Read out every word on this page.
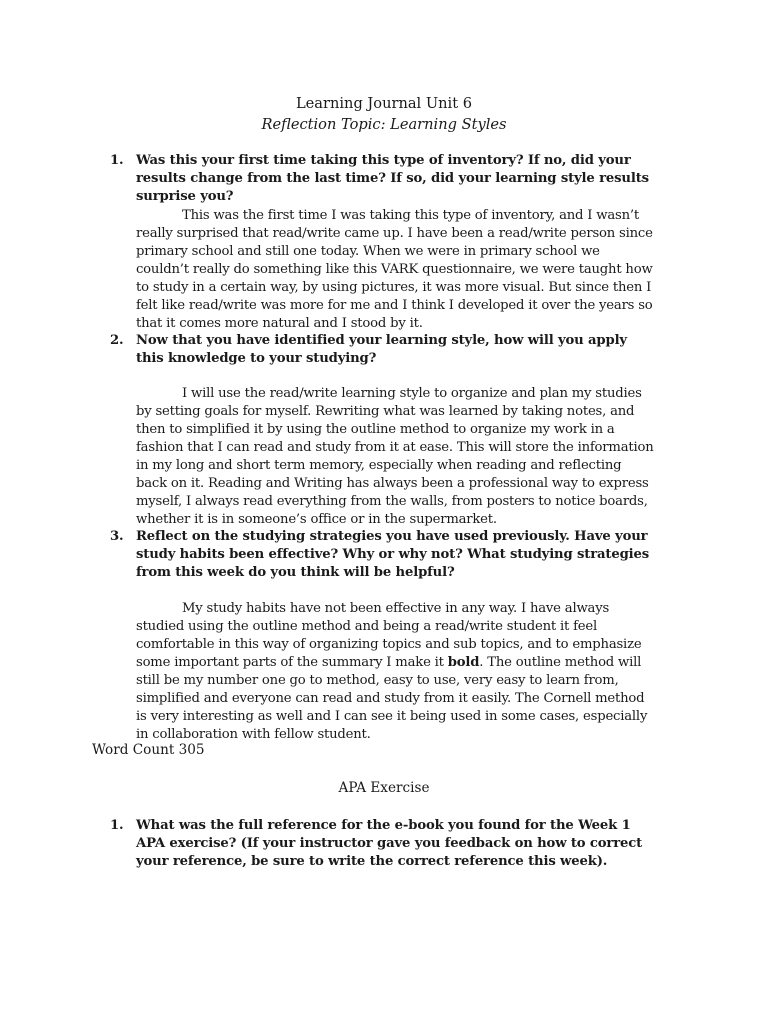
Learning Journal Unit 6
Reflection Topic: Learning Styles
1. Was this your first time taking this type of inventory? If no, did your results change from the last time? If so, did your learning style results surprise you?
This was the first time I was taking this type of inventory, and I wasn’t really surprised that read/write came up. I have been a read/write person since primary school and still one today. When we were in primary school we couldn’t really do something like this VARK questionnaire, we were taught how to study in a certain way, by using pictures, it was more visual. But since then I felt like read/write was more for me and I think I developed it over the years so that it comes more natural and I stood by it.
2. Now that you have identified your learning style, how will you apply this knowledge to your studying?
I will use the read/write learning style to organize and plan my studies by setting goals for myself. Rewriting what was learned by taking notes, and then to simplified it by using the outline method to organize my work in a fashion that I can read and study from it at ease. This will store the information in my long and short term memory, especially when reading and reflecting back on it. Reading and Writing has always been a professional way to express myself, I always read everything from the walls, from posters to notice boards, whether it is in someone’s office or in the supermarket.
3. Reflect on the studying strategies you have used previously. Have your study habits been effective? Why or why not? What studying strategies from this week do you think will be helpful?
My study habits have not been effective in any way. I have always studied using the outline method and being a read/write student it feel comfortable in this way of organizing topics and sub topics, and to emphasize some important parts of the summary I make it bold. The outline method will still be my number one go to method, easy to use, very easy to learn from, simplified and everyone can read and study from it easily. The Cornell method is very interesting as well and I can see it being used in some cases, especially in collaboration with fellow student.
Word Count 305
APA Exercise
1. What was the full reference for the e-book you found for the Week 1 APA exercise? (If your instructor gave you feedback on how to correct your reference, be sure to write the correct reference this week).
